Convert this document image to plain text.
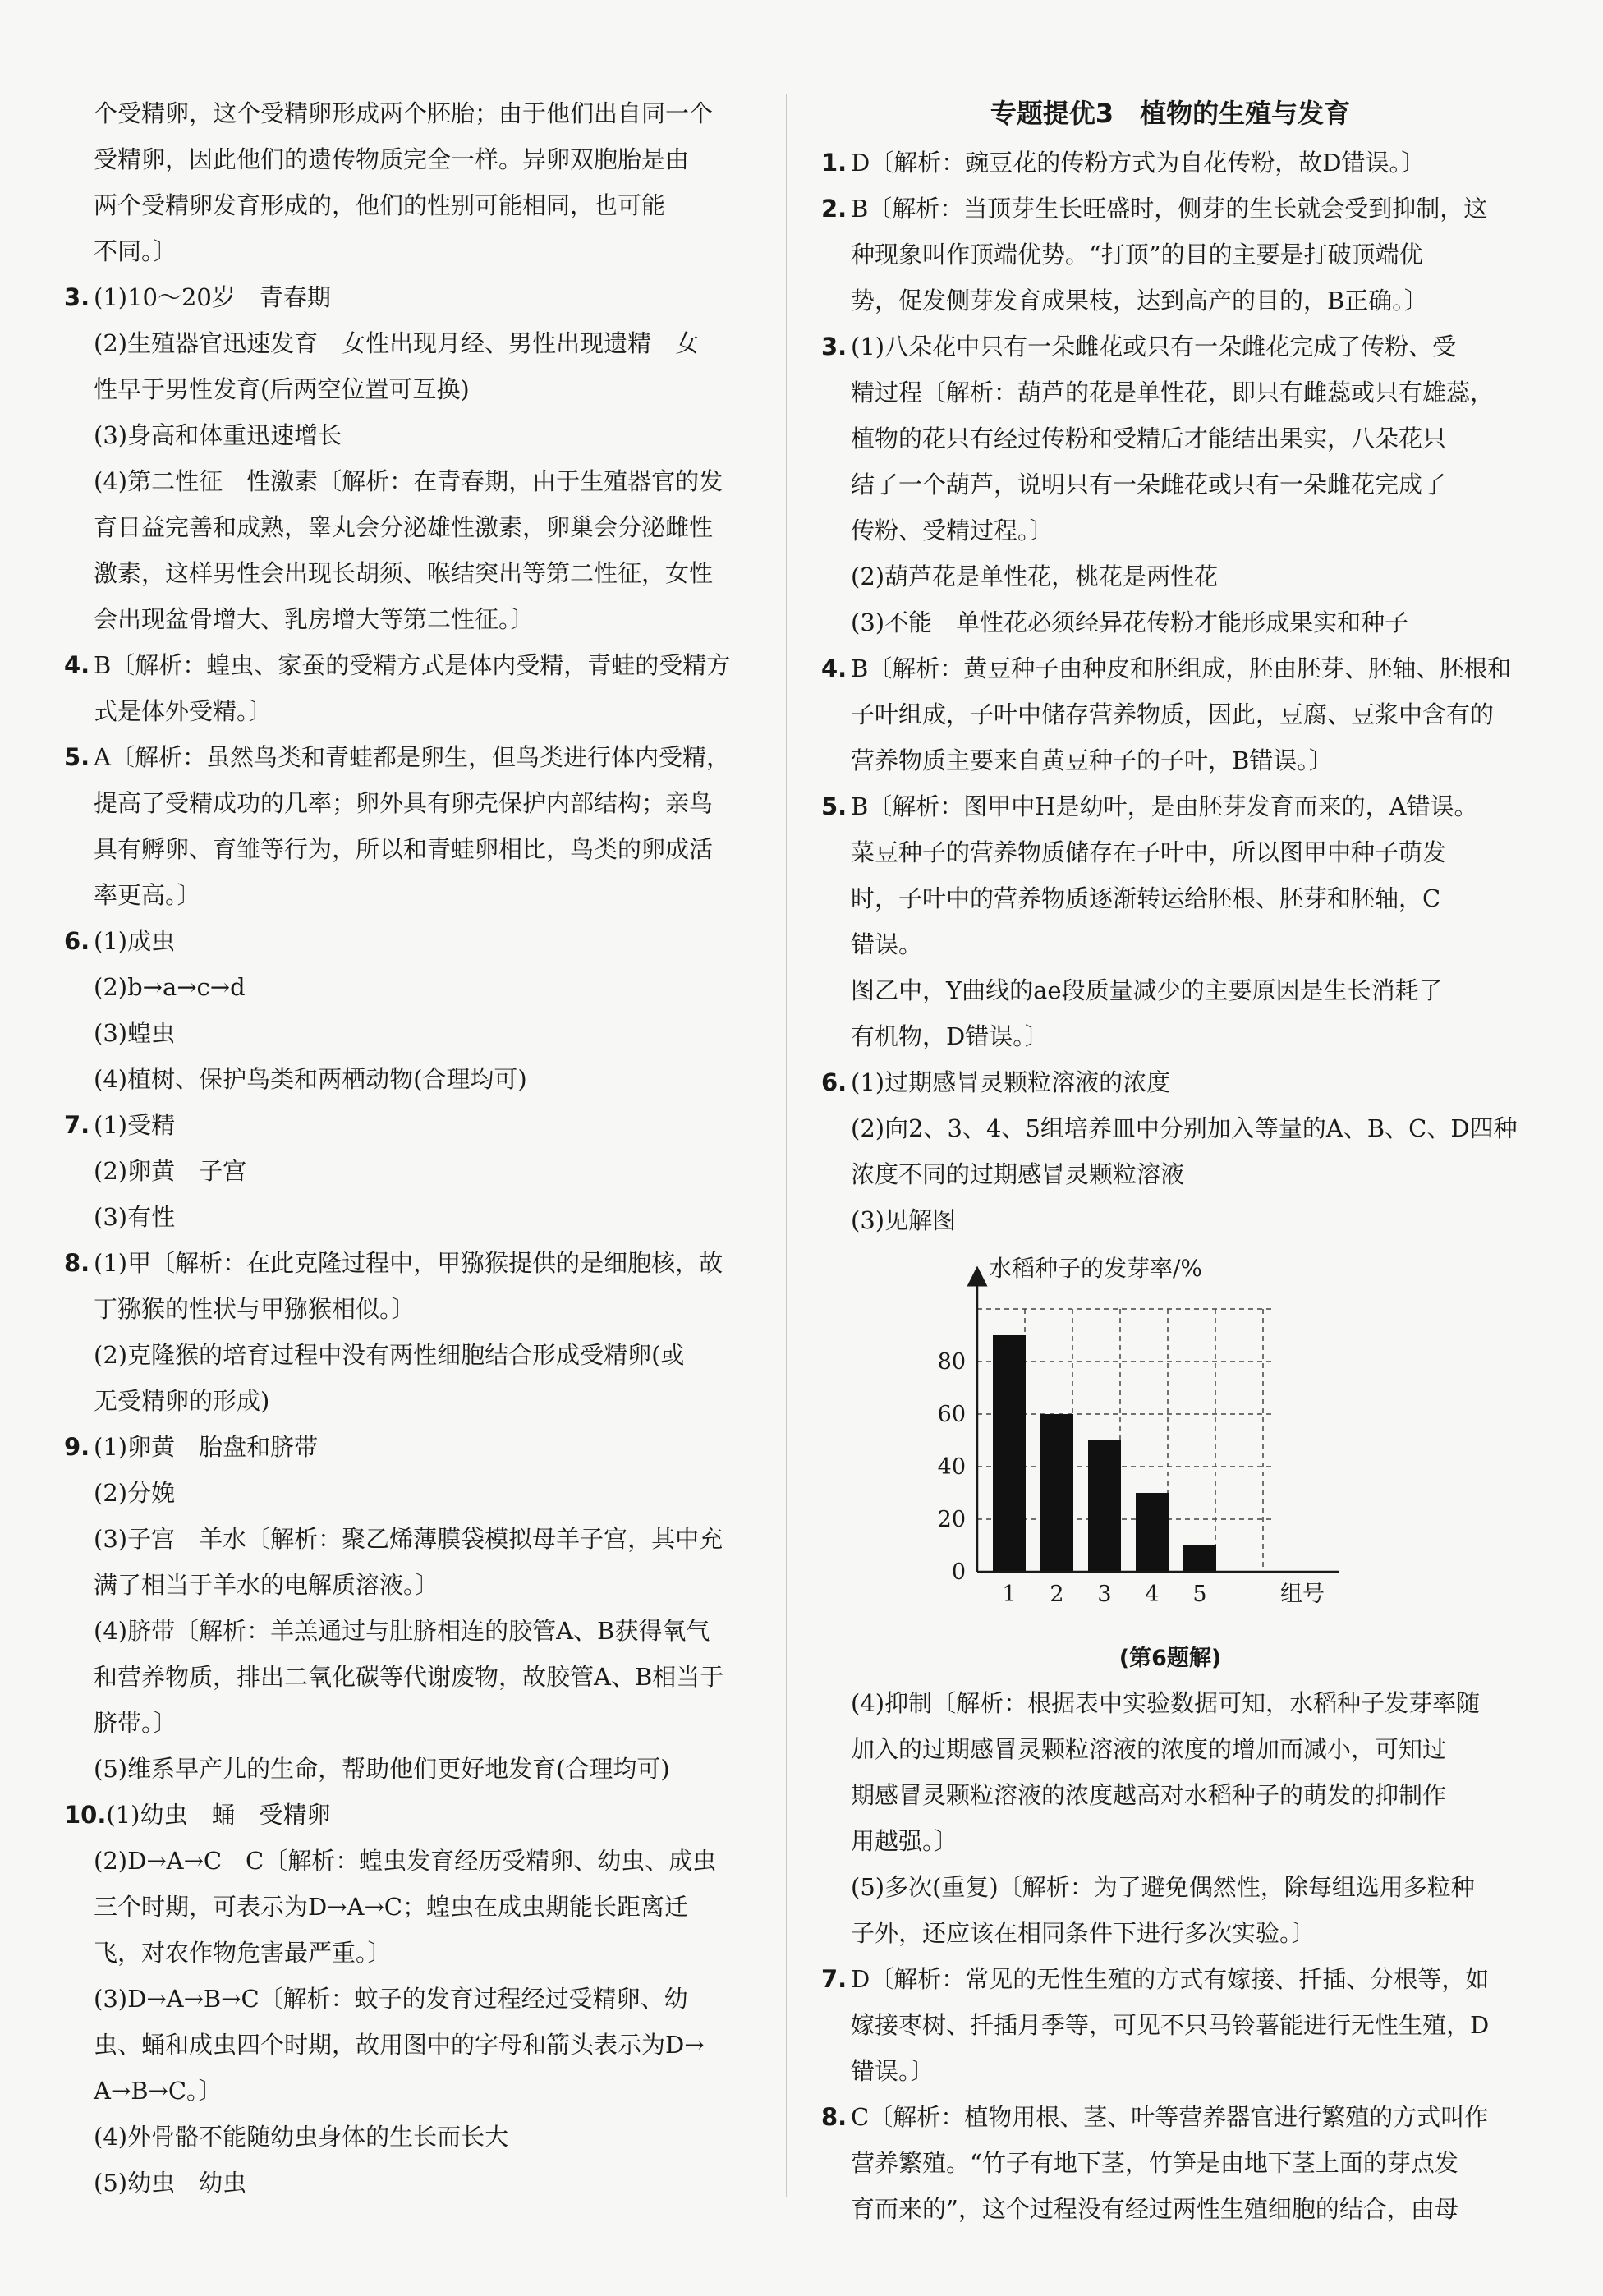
个受精卵，这个受精卵形成两个胚胎；由于他们出自同一个
受精卵，因此他们的遗传物质完全一样。异卵双胞胎是由
两个受精卵发育形成的，他们的性别可能相同，也可能
不同。〕
3. (1)10～20岁　青春期
(2)生殖器官迅速发育　女性出现月经、男性出现遗精　女
性早于男性发育(后两空位置可互换)
(3)身高和体重迅速增长
(4)第二性征　性激素〔解析：在青春期，由于生殖器官的发
育日益完善和成熟，睾丸会分泌雄性激素，卵巢会分泌雌性
激素，这样男性会出现长胡须、喉结突出等第二性征，女性
会出现盆骨增大、乳房增大等第二性征。〕
4. B〔解析：蝗虫、家蚕的受精方式是体内受精，青蛙的受精方
式是体外受精。〕
5. A〔解析：虽然鸟类和青蛙都是卵生，但鸟类进行体内受精，
提高了受精成功的几率；卵外具有卵壳保护内部结构；亲鸟
具有孵卵、育雏等行为，所以和青蛙卵相比，鸟类的卵成活
率更高。〕
6. (1)成虫
(2)b→a→c→d
(3)蝗虫
(4)植树、保护鸟类和两栖动物(合理均可)
7. (1)受精
(2)卵黄　子宫
(3)有性
8. (1)甲〔解析：在此克隆过程中，甲猕猴提供的是细胞核，故
丁猕猴的性状与甲猕猴相似。〕
(2)克隆猴的培育过程中没有两性细胞结合形成受精卵(或
无受精卵的形成)
9. (1)卵黄　胎盘和脐带
(2)分娩
(3)子宫　羊水〔解析：聚乙烯薄膜袋模拟母羊子宫，其中充
满了相当于羊水的电解质溶液。〕
(4)脐带〔解析：羊羔通过与肚脐相连的胶管A、B获得氧气
和营养物质，排出二氧化碳等代谢废物，故胶管A、B相当于
脐带。〕
(5)维系早产儿的生命，帮助他们更好地发育(合理均可)
10.(1)幼虫　蛹　受精卵
(2)D→A→C　C〔解析：蝗虫发育经历受精卵、幼虫、成虫
三个时期，可表示为D→A→C；蝗虫在成虫期能长距离迁
飞，对农作物危害最严重。〕
(3)D→A→B→C〔解析：蚊子的发育过程经过受精卵、幼
虫、蛹和成虫四个时期，故用图中的字母和箭头表示为D→
A→B→C。〕
(4)外骨骼不能随幼虫身体的生长而长大
(5)幼虫　幼虫
专题提优3　植物的生殖与发育
1. D〔解析：豌豆花的传粉方式为自花传粉，故D错误。〕
2. B〔解析：当顶芽生长旺盛时，侧芽的生长就会受到抑制，这
种现象叫作顶端优势。“打顶”的目的主要是打破顶端优
势，促发侧芽发育成果枝，达到高产的目的，B正确。〕
3. (1)八朵花中只有一朵雌花或只有一朵雌花完成了传粉、受
精过程〔解析：葫芦的花是单性花，即只有雌蕊或只有雄蕊，
植物的花只有经过传粉和受精后才能结出果实，八朵花只
结了一个葫芦，说明只有一朵雌花或只有一朵雌花完成了
传粉、受精过程。〕
(2)葫芦花是单性花，桃花是两性花
(3)不能　单性花必须经异花传粉才能形成果实和种子
4. B〔解析：黄豆种子由种皮和胚组成，胚由胚芽、胚轴、胚根和
子叶组成，子叶中储存营养物质，因此，豆腐、豆浆中含有的
营养物质主要来自黄豆种子的子叶，B错误。〕
5. B〔解析：图甲中H是幼叶，是由胚芽发育而来的，A错误。
菜豆种子的营养物质储存在子叶中，所以图甲中种子萌发
时，子叶中的营养物质逐渐转运给胚根、胚芽和胚轴，C
错误。
图乙中，Y曲线的ae段质量减少的主要原因是生长消耗了
有机物，D错误。〕
6. (1)过期感冒灵颗粒溶液的浓度
(2)向2、3、4、5组培养皿中分别加入等量的A、B、C、D四种
浓度不同的过期感冒灵颗粒溶液
(3)见解图
1 2 3 4 5
0
20
40
60
80
水稻种子的发芽率/%
组号
(第6题解)
(4)抑制〔解析：根据表中实验数据可知，水稻种子发芽率随
加入的过期感冒灵颗粒溶液的浓度的增加而减小，可知过
期感冒灵颗粒溶液的浓度越高对水稻种子的萌发的抑制作
用越强。〕
(5)多次(重复)〔解析：为了避免偶然性，除每组选用多粒种
子外，还应该在相同条件下进行多次实验。〕
7. D〔解析：常见的无性生殖的方式有嫁接、扦插、分根等，如
嫁接枣树、扦插月季等，可见不只马铃薯能进行无性生殖，D
错误。〕
8. C〔解析：植物用根、茎、叶等营养器官进行繁殖的方式叫作
营养繁殖。“竹子有地下茎，竹笋是由地下茎上面的芽点发
育而来的”，这个过程没有经过两性生殖细胞的结合，由母
